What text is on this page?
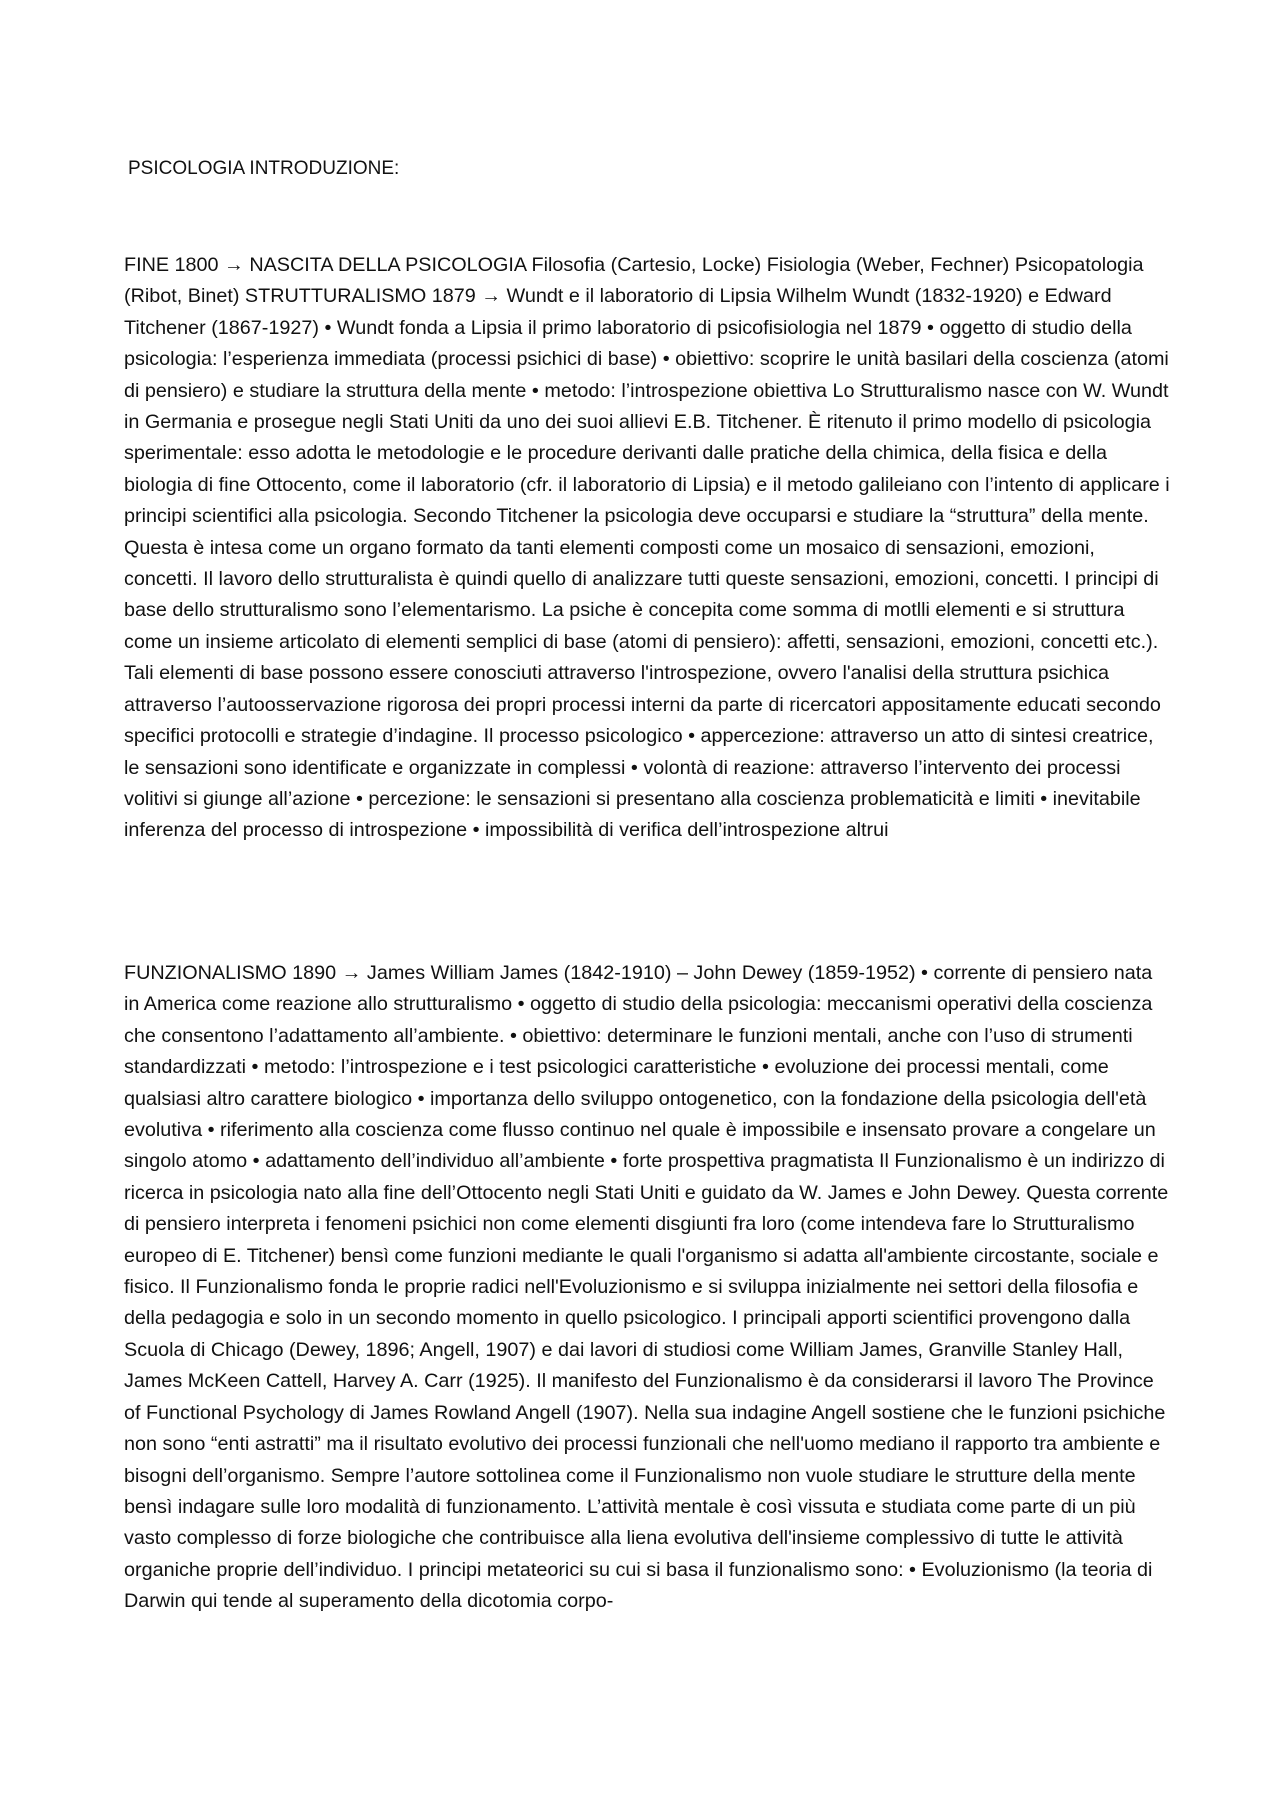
PSICOLOGIA INTRODUZIONE:

FINE 1800 → NASCITA DELLA PSICOLOGIA Filosofia (Cartesio, Locke) Fisiologia (Weber, Fechner) Psicopatologia (Ribot, Binet) STRUTTURALISMO 1879 → Wundt e il laboratorio di Lipsia Wilhelm Wundt (1832-1920) e Edward Titchener (1867-1927) • Wundt fonda a Lipsia il primo laboratorio di psicofisiologia nel 1879 • oggetto di studio della psicologia: l’esperienza immediata (processi psichici di base) • obiettivo: scoprire le unità basilari della coscienza (atomi di pensiero) e studiare la struttura della mente • metodo: l’introspezione obiettiva Lo Strutturalismo nasce con W. Wundt in Germania e prosegue negli Stati Uniti da uno dei suoi allievi E.B. Titchener. È ritenuto il primo modello di psicologia sperimentale: esso adotta le metodologie e le procedure derivanti dalle pratiche della chimica, della fisica e della biologia di fine Ottocento, come il laboratorio (cfr. il laboratorio di Lipsia) e il metodo galileiano con l’intento di applicare i principi scientifici alla psicologia. Secondo Titchener la psicologia deve occuparsi e studiare la “struttura” della mente. Questa è intesa come un organo formato da tanti elementi composti come un mosaico di sensazioni, emozioni, concetti. Il lavoro dello strutturalista è quindi quello di analizzare tutti queste sensazioni, emozioni, concetti. I principi di base dello strutturalismo sono l’elementarismo. La psiche è concepita come somma di motlli elementi e si struttura come un insieme articolato di elementi semplici di base (atomi di pensiero): affetti, sensazioni, emozioni, concetti etc.). Tali elementi di base possono essere conosciuti attraverso l'introspezione, ovvero l'analisi della struttura psichica attraverso l’autoosservazione rigorosa dei propri processi interni da parte di ricercatori appositamente educati secondo specifici protocolli e strategie d’indagine. Il processo psicologico • appercezione: attraverso un atto di sintesi creatrice, le sensazioni sono identificate e organizzate in complessi • volontà di reazione: attraverso l’intervento dei processi volitivi si giunge all’azione • percezione: le sensazioni si presentano alla coscienza problematicità e limiti • inevitabile inferenza del processo di introspezione • impossibilità di verifica dell’introspezione altrui

FUNZIONALISMO 1890 → James William James (1842-1910) – John Dewey (1859-1952) • corrente di pensiero nata in America come reazione allo strutturalismo • oggetto di studio della psicologia: meccanismi operativi della coscienza che consentono l’adattamento all’ambiente. • obiettivo: determinare le funzioni mentali, anche con l’uso di strumenti standardizzati • metodo: l’introspezione e i test psicologici caratteristiche • evoluzione dei processi mentali, come qualsiasi altro carattere biologico • importanza dello sviluppo ontogenetico, con la fondazione della psicologia dell'età evolutiva • riferimento alla coscienza come flusso continuo nel quale è impossibile e insensato provare a congelare un singolo atomo • adattamento dell’individuo all’ambiente • forte prospettiva pragmatista Il Funzionalismo è un indirizzo di ricerca in psicologia nato alla fine dell’Ottocento negli Stati Uniti e guidato da W. James e John Dewey. Questa corrente di pensiero interpreta i fenomeni psichici non come elementi disgiunti fra loro (come intendeva fare lo Strutturalismo europeo di E. Titchener) bensì come funzioni mediante le quali l'organismo si adatta all'ambiente circostante, sociale e fisico. Il Funzionalismo fonda le proprie radici nell'Evoluzionismo e si sviluppa inizialmente nei settori della filosofia e della pedagogia e solo in un secondo momento in quello psicologico. I principali apporti scientifici provengono dalla Scuola di Chicago (Dewey, 1896; Angell, 1907) e dai lavori di studiosi come William James, Granville Stanley Hall, James McKeen Cattell, Harvey A. Carr (1925). Il manifesto del Funzionalismo è da considerarsi il lavoro The Province of Functional Psychology di James Rowland Angell (1907). Nella sua indagine Angell sostiene che le funzioni psichiche non sono “enti astratti” ma il risultato evolutivo dei processi funzionali che nell'uomo mediano il rapporto tra ambiente e bisogni dell’organismo. Sempre l’autore sottolinea come il Funzionalismo non vuole studiare le strutture della mente bensì indagare sulle loro modalità di funzionamento. L’attività mentale è così vissuta e studiata come parte di un più vasto complesso di forze biologiche che contribuisce alla liena evolutiva dell'insieme complessivo di tutte le attività organiche proprie dell’individuo. I principi metateorici su cui si basa il funzionalismo sono: • Evoluzionismo (la teoria di Darwin qui tende al superamento della dicotomia corpo-
